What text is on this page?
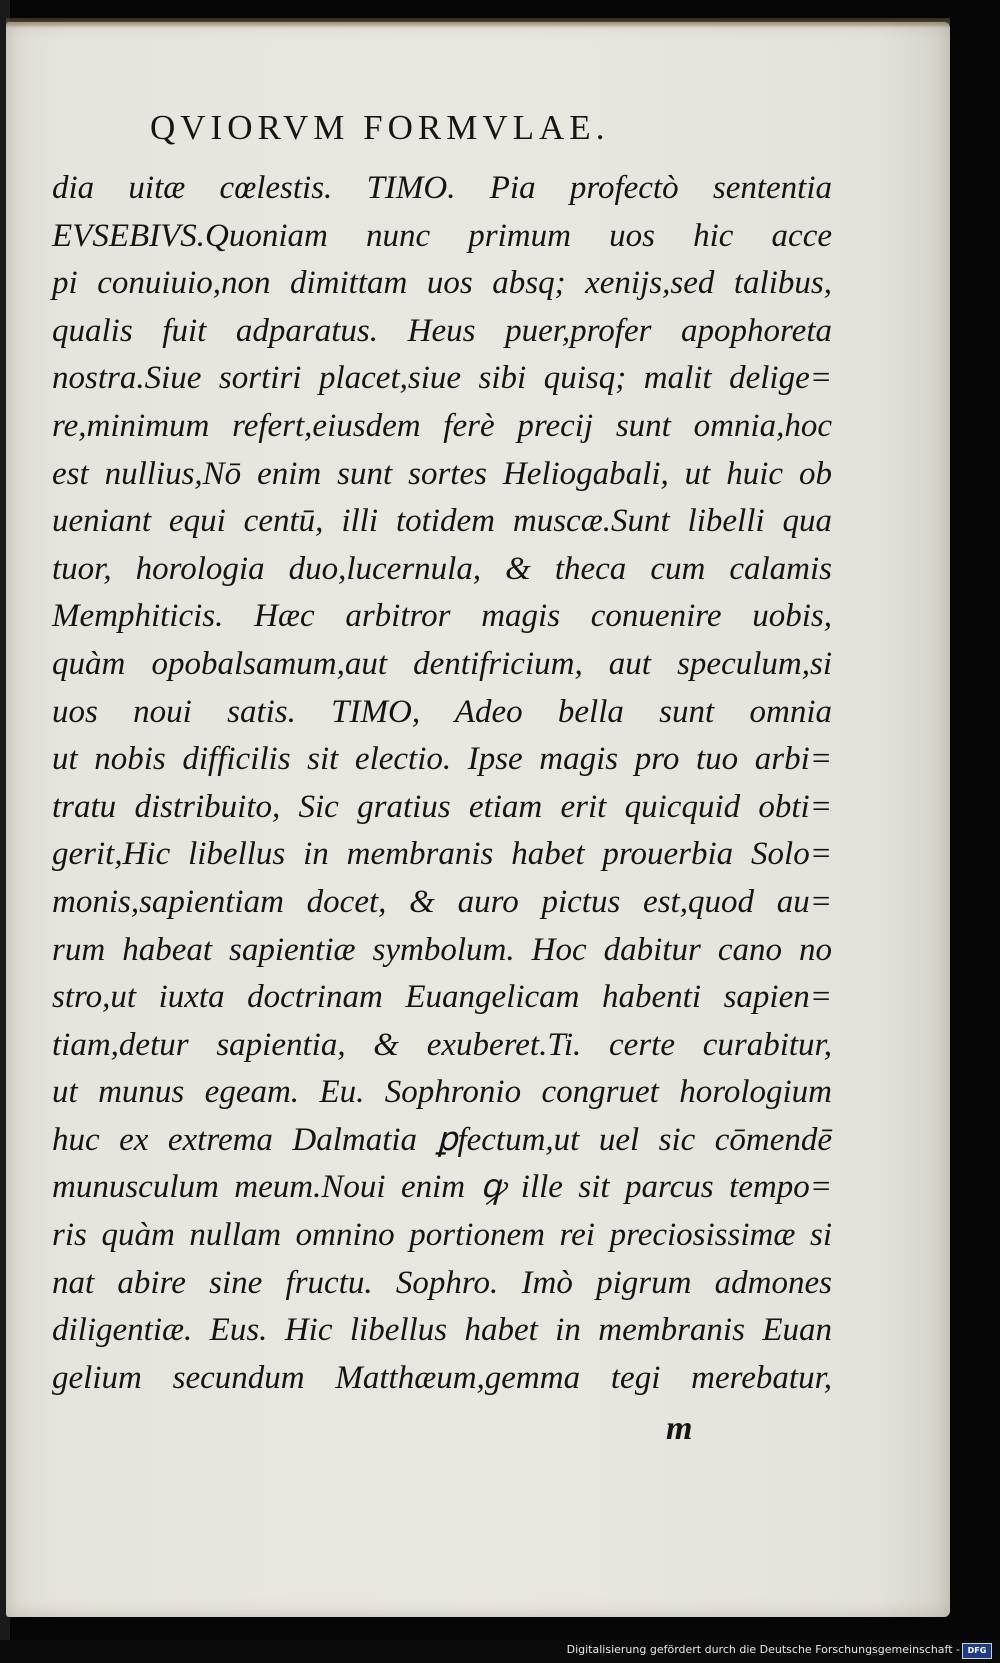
QVIORVM FORMVLAE.
dia uitæ cœlestis. TIMO. Pia profectò sententia
EVSEBIVS.Quoniam nunc primum uos hic acce
pi conuiuio,non dimittam uos absq; xenijs,sed talibus,
qualis fuit adparatus. Heus puer,profer apophoreta
nostra.Siue sortiri placet,siue sibi quisq; malit delige=
re,minimum refert,eiusdem ferè precij sunt omnia,hoc
est nullius,Nō enim sunt sortes Heliogabali, ut huic ob
ueniant equi centū, illi totidem muscæ.Sunt libelli qua
tuor, horologia duo,lucernula, & theca cum calamis
Memphiticis. Hæc arbitror magis conuenire uobis,
quàm opobalsamum,aut dentifricium, aut speculum,si
uos noui satis. TIMO, Adeo bella sunt omnia
ut nobis difficilis sit electio. Ipse magis pro tuo arbi=
tratu distribuito, Sic gratius etiam erit quicquid obti=
gerit,Hic libellus in membranis habet prouerbia Solo=
monis,sapientiam docet, & auro pictus est,quod au=
rum habeat sapientiæ symbolum. Hoc dabitur cano no
stro,ut iuxta doctrinam Euangelicam habenti sapien=
tiam,detur sapientia, & exuberet.Ti. certe curabitur,
ut munus egeam. Eu. Sophronio congruet horologium
huc ex extrema Dalmatia ꝑfectum,ut uel sic cōmendē
munusculum meum.Noui enim ꝙ ille sit parcus tempo=
ris quàm nullam omnino portionem rei preciosissimæ si
nat abire sine fructu. Sophro. Imò pigrum admones
diligentiæ. Eus. Hic libellus habet in membranis Euan
gelium secundum Matthæum,gemma tegi merebatur,
m
Digitalisierung gefördert durch die Deutsche Forschungsgemeinschaft - DFG
